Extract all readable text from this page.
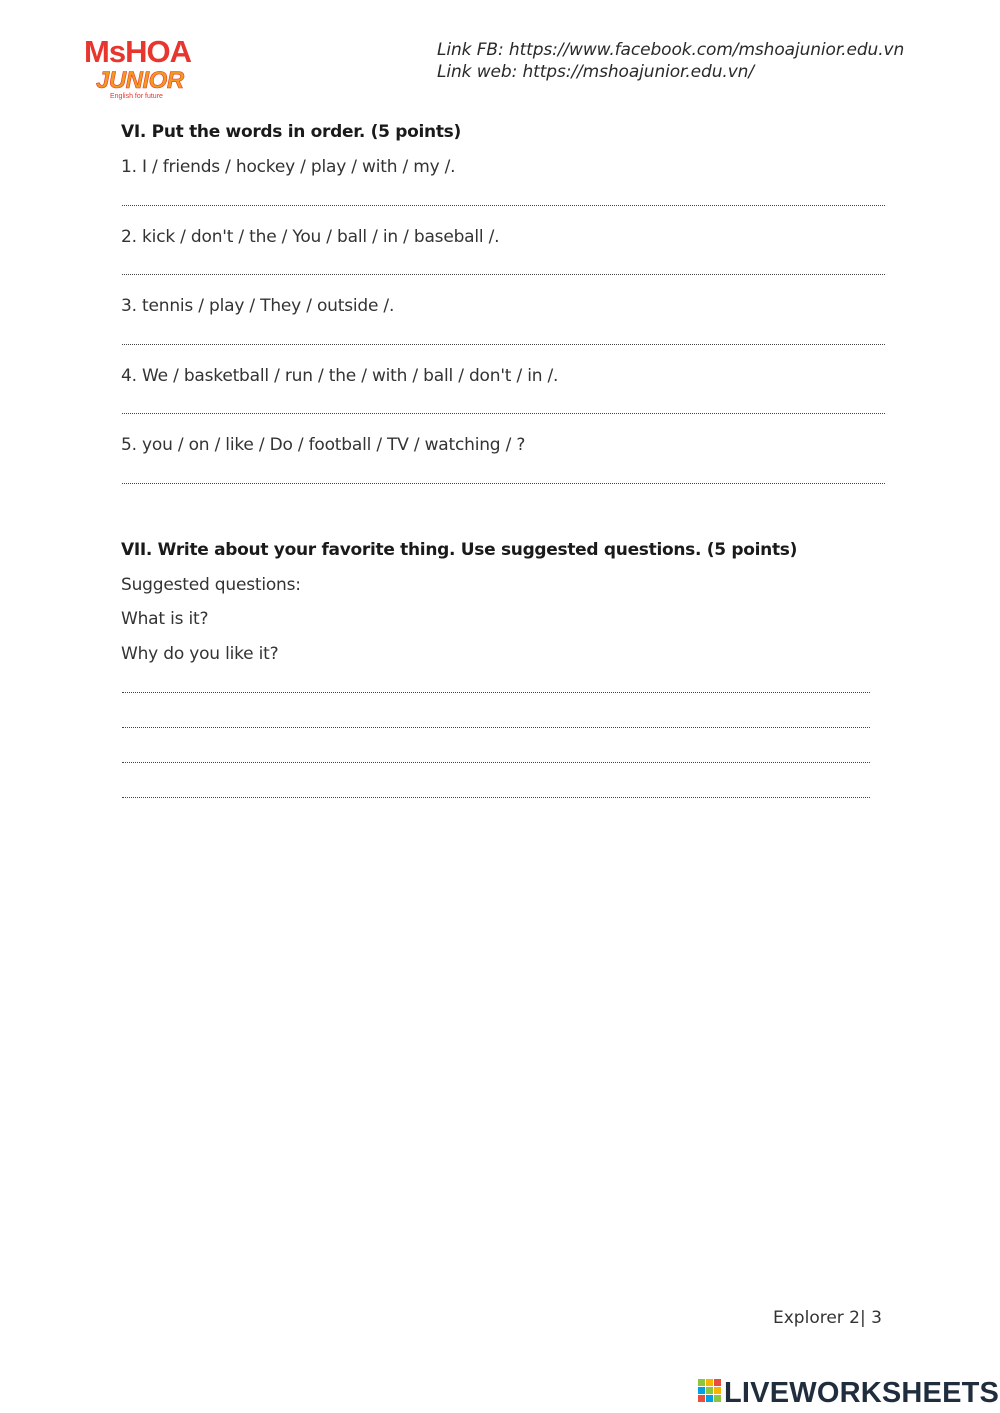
MsHOA
JUNIOR
English for future
Link FB: https://www.facebook.com/mshoajunior.edu.vn
Link web: https://mshoajunior.edu.vn/
VI. Put the words in order. (5 points)
1. I / friends / hockey / play / with / my /.
2. kick / don't / the / You / ball / in / baseball /.
3. tennis / play / They / outside /.
4. We / basketball / run / the / with / ball / don't / in /.
5. you / on / like / Do / football / TV / watching / ?
VII. Write about your favorite thing. Use suggested questions. (5 points)
Suggested questions:
What is it?
Why do you like it?
Explorer 2| 3
LIVEWORKSHEETS
